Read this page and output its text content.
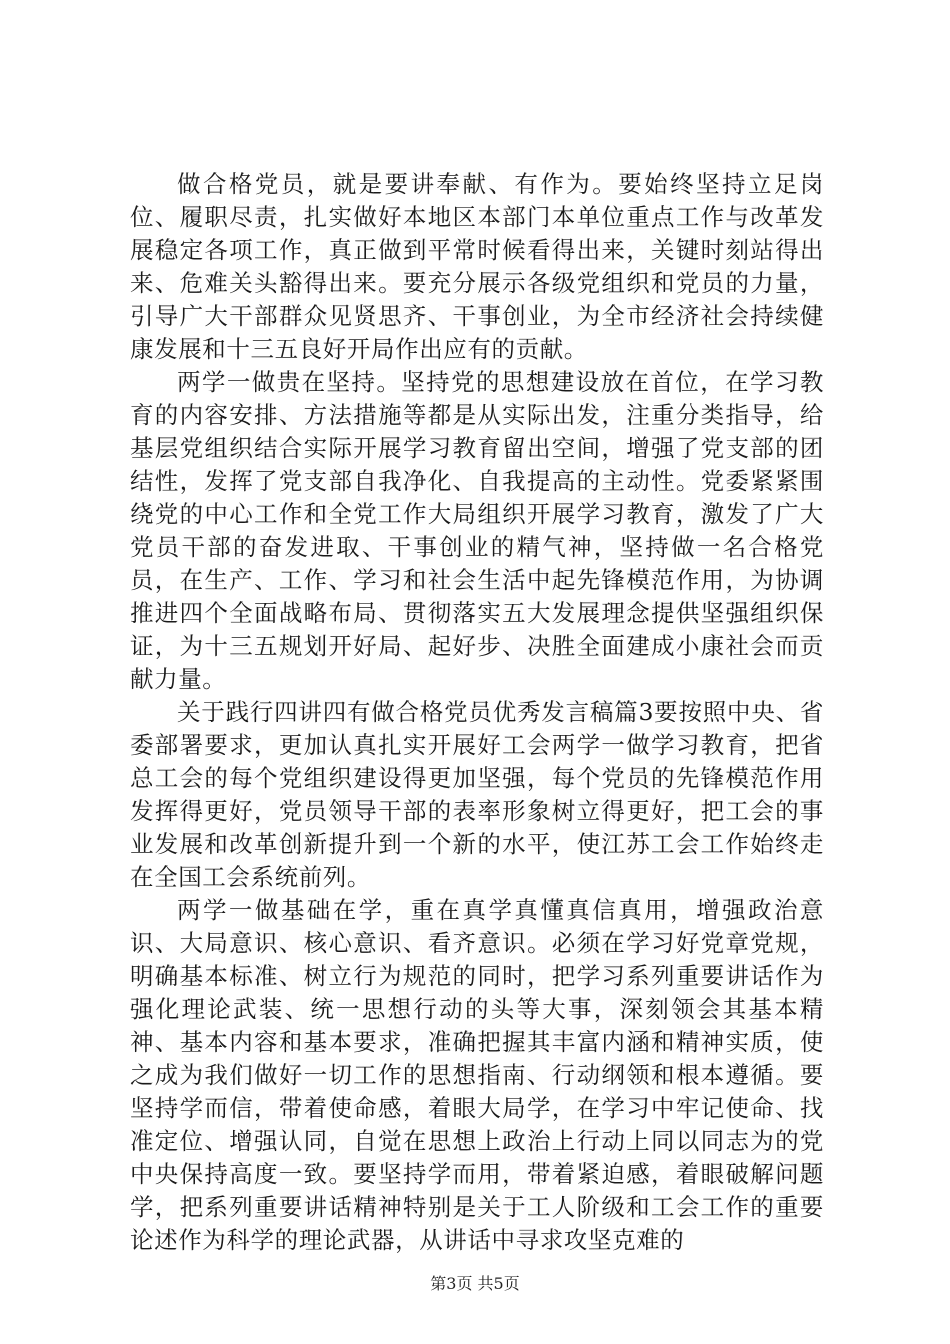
做合格党员，就是要讲奉献、有作为。要始终坚持立足岗位、履职尽责，扎实做好本地区本部门本单位重点工作与改革发展稳定各项工作，真正做到平常时候看得出来，关键时刻站得出来、危难关头豁得出来。要充分展示各级党组织和党员的力量，引导广大干部群众见贤思齐、干事创业，为全市经济社会持续健康发展和十三五良好开局作出应有的贡献。

两学一做贵在坚持。坚持党的思想建设放在首位，在学习教育的内容安排、方法措施等都是从实际出发，注重分类指导，给基层党组织结合实际开展学习教育留出空间，增强了党支部的团结性，发挥了党支部自我净化、自我提高的主动性。党委紧紧围绕党的中心工作和全党工作大局组织开展学习教育，激发了广大党员干部的奋发进取、干事创业的精气神，坚持做一名合格党员，在生产、工作、学习和社会生活中起先锋模范作用，为协调推进四个全面战略布局、贯彻落实五大发展理念提供坚强组织保证，为十三五规划开好局、起好步、决胜全面建成小康社会而贡献力量。

关于践行四讲四有做合格党员优秀发言稿篇3要按照中央、省委部署要求，更加认真扎实开展好工会两学一做学习教育，把省总工会的每个党组织建设得更加坚强，每个党员的先锋模范作用发挥得更好，党员领导干部的表率形象树立得更好，把工会的事业发展和改革创新提升到一个新的水平，使江苏工会工作始终走在全国工会系统前列。

两学一做基础在学，重在真学真懂真信真用，增强政治意识、大局意识、核心意识、看齐意识。必须在学习好党章党规，明确基本标准、树立行为规范的同时，把学习系列重要讲话作为强化理论武装、统一思想行动的头等大事，深刻领会其基本精神、基本内容和基本要求，准确把握其丰富内涵和精神实质，使之成为我们做好一切工作的思想指南、行动纲领和根本遵循。要坚持学而信，带着使命感，着眼大局学，在学习中牢记使命、找准定位、增强认同，自觉在思想上政治上行动上同以同志为的党中央保持高度一致。要坚持学而用，带着紧迫感，着眼破解问题学，把系列重要讲话精神特别是关于工人阶级和工会工作的重要论述作为科学的理论武器，从讲话中寻求攻坚克难的

第3页 共5页
